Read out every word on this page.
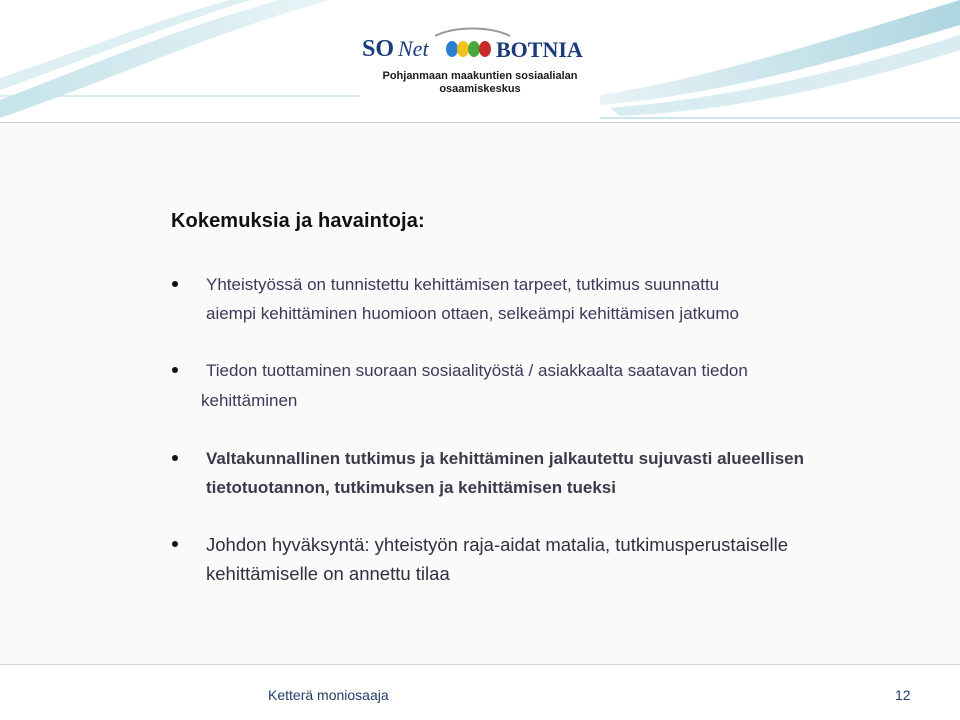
SO Net	BOTNIA
Pohjanmaan maakuntien sosiaalialan
osaamiskeskus
Kokemuksia ja havaintoja:
Yhteistyössä on tunnistettu kehittämisen tarpeet, tutkimus suunnattu
aiempi kehittäminen huomioon ottaen, selkeämpi kehittämisen jatkumo
Tiedon tuottaminen suoraan sosiaalityöstä / asiakkaalta saatavan tiedon
kehittäminen
Valtakunnallinen tutkimus ja kehittäminen jalkautettu sujuvasti alueellisen
tietotuotannon, tutkimuksen ja kehittämisen tueksi
Johdon hyväksyntä: yhteistyön raja-aidat matalia, tutkimusperustaiselle
kehittämiselle on annettu tilaa
Ketterä moniosaaja	12
